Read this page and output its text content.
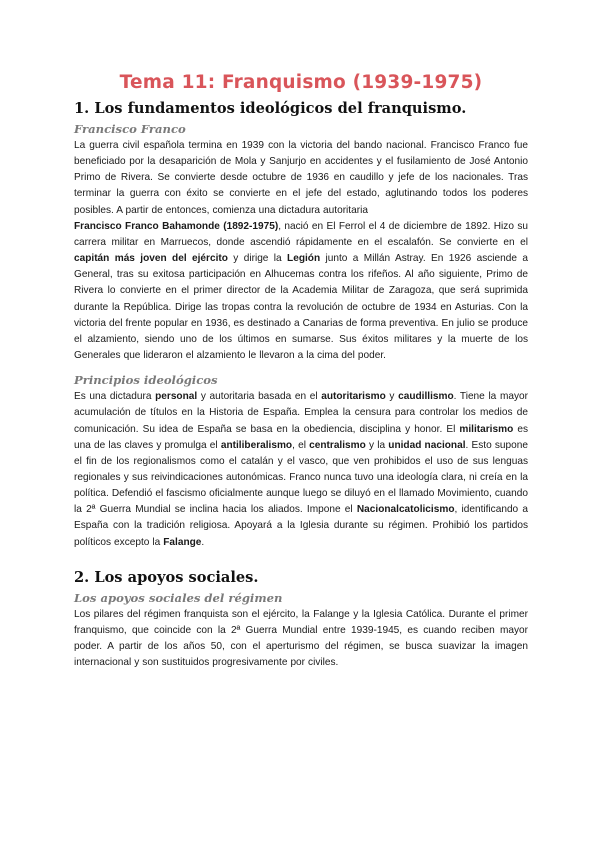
Tema 11: Franquismo (1939-1975)
1. Los fundamentos ideológicos del franquismo.
Francisco Franco

La guerra civil española termina en 1939 con la victoria del bando nacional. Francisco Franco fue beneficiado por la desaparición de Mola y Sanjurjo en accidentes y el fusilamiento de José Antonio Primo de Rivera. Se convierte desde octubre de 1936 en caudillo y jefe de los nacionales. Tras terminar la guerra con éxito se convierte en el jefe del estado, aglutinando todos los poderes posibles. A partir de entonces, comienza una dictadura autoritaria

Francisco Franco Bahamonde (1892-1975), nació en El Ferrol el 4 de diciembre de 1892. Hizo su carrera militar en Marruecos, donde ascendió rápidamente en el escalafón. Se convierte en el capitán más joven del ejército y dirige la Legión junto a Millán Astray. En 1926 asciende a General, tras su exitosa participación en Alhucemas contra los rifeños. Al año siguiente, Primo de Rivera lo convierte en el primer director de la Academia Militar de Zaragoza, que será suprimida durante la República. Dirige las tropas contra la revolución de octubre de 1934 en Asturias. Con la victoria del frente popular en 1936, es destinado a Canarias de forma preventiva. En julio se produce el alzamiento, siendo uno de los últimos en sumarse. Sus éxitos militares y la muerte de los Generales que lideraron el alzamiento le llevaron a la cima del poder.

Principios ideológicos

Es una dictadura personal y autoritaria basada en el autoritarismo y caudillismo. Tiene la mayor acumulación de títulos en la Historia de España. Emplea la censura para controlar los medios de comunicación. Su idea de España se basa en la obediencia, disciplina y honor. El militarismo es una de las claves y promulga el antiliberalismo, el centralismo y la unidad nacional. Esto supone el fin de los regionalismos como el catalán y el vasco, que ven prohibidos el uso de sus lenguas regionales y sus reivindicaciones autonómicas. Franco nunca tuvo una ideología clara, ni creía en la política. Defendió el fascismo oficialmente aunque luego se diluyó en el llamado Movimiento, cuando la 2ª Guerra Mundial se inclina hacia los aliados. Impone el Nacionalcatolicismo, identificando a España con la tradición religiosa. Apoyará a la Iglesia durante su régimen. Prohibió los partidos políticos excepto la Falange.

2. Los apoyos sociales.
Los apoyos sociales del régimen

Los pilares del régimen franquista son el ejército, la Falange y la Iglesia Católica. Durante el primer franquismo, que coincide con la 2ª Guerra Mundial entre 1939-1945, es cuando reciben mayor poder. A partir de los años 50, con el aperturismo del régimen, se busca suavizar la imagen internacional y son sustituidos progresivamente por civiles.
